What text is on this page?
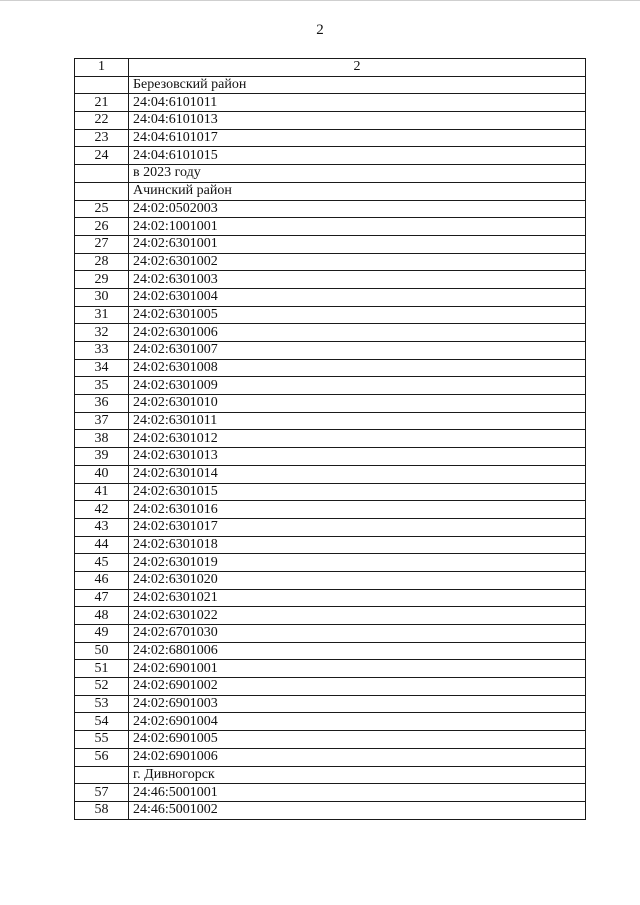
2
1	2
	Березовский район
21	24:04:6101011
22	24:04:6101013
23	24:04:6101017
24	24:04:6101015
	в 2023 году
	Ачинский район
25	24:02:0502003
26	24:02:1001001
27	24:02:6301001
28	24:02:6301002
29	24:02:6301003
30	24:02:6301004
31	24:02:6301005
32	24:02:6301006
33	24:02:6301007
34	24:02:6301008
35	24:02:6301009
36	24:02:6301010
37	24:02:6301011
38	24:02:6301012
39	24:02:6301013
40	24:02:6301014
41	24:02:6301015
42	24:02:6301016
43	24:02:6301017
44	24:02:6301018
45	24:02:6301019
46	24:02:6301020
47	24:02:6301021
48	24:02:6301022
49	24:02:6701030
50	24:02:6801006
51	24:02:6901001
52	24:02:6901002
53	24:02:6901003
54	24:02:6901004
55	24:02:6901005
56	24:02:6901006
	г. Дивногорск
57	24:46:5001001
58	24:46:5001002
